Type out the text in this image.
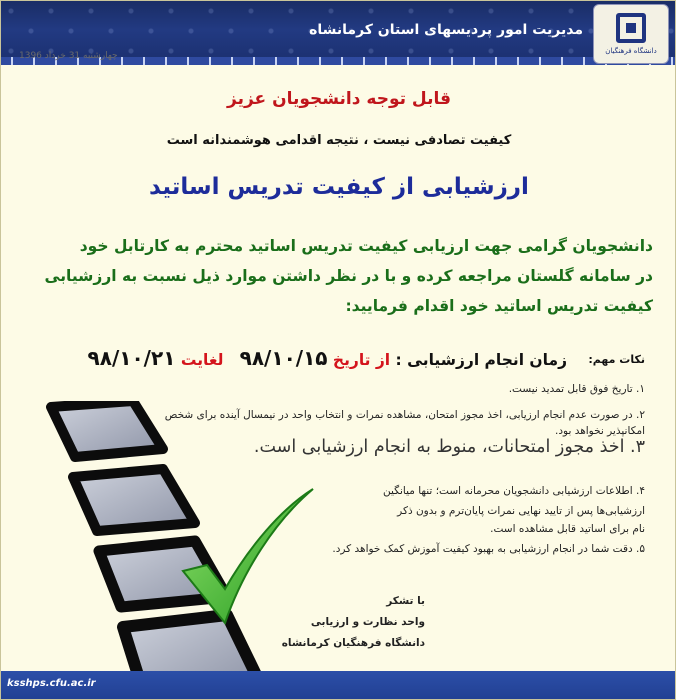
دانشگاه فرهنگیان
مدیریت امور پردیسهای استان کرمانشاه
چهارشنبه 31 خرداد 1396
قابل توجه دانشجویان عزیز
کیفیت تصادفی نیست ، نتیجه اقدامی هوشمندانه است
ارزشیابی از کیفیت تدریس اساتید
دانشجویان گرامی جهت ارزیابی کیفیت تدریس اساتید محترم به کارتابل خود
در سامانه گلستان مراجعه کرده و با در نظر داشتن موارد ذیل نسبت به ارزشیابی
کیفیت تدریس اساتید خود اقدام فرمایید:
نکات مهم:
زمان انجام ارزشیابی : از تاریخ ۹۸/۱۰/۱۵   لغایت ۹۸/۱۰/۲۱
۱. تاریخ فوق قابل تمدید نیست.
۲. در صورت عدم انجام ارزیابی، اخذ مجوز امتحان، مشاهده نمرات و انتخاب واحد در نیمسال آینده برای شخص امکانپذیر نخواهد بود.
۳. اخذ مجوز امتحانات، منوط به انجام ارزشیابی است.
۴. اطلاعات ارزشیابی دانشجویان محرمانه است؛ تنها میانگین
ارزشیابی‌ها پس از تایید نهایی نمرات پایان‌ترم و بدون ذکر
نام برای اساتید قابل مشاهده است.
۵. دقت شما در انجام ارزشیابی به بهبود کیفیت آموزش کمک خواهد کرد.
با تشکر
واحد نظارت و ارزیابی
دانشگاه فرهنگیان کرمانشاه
ksshps.cfu.ac.ir
